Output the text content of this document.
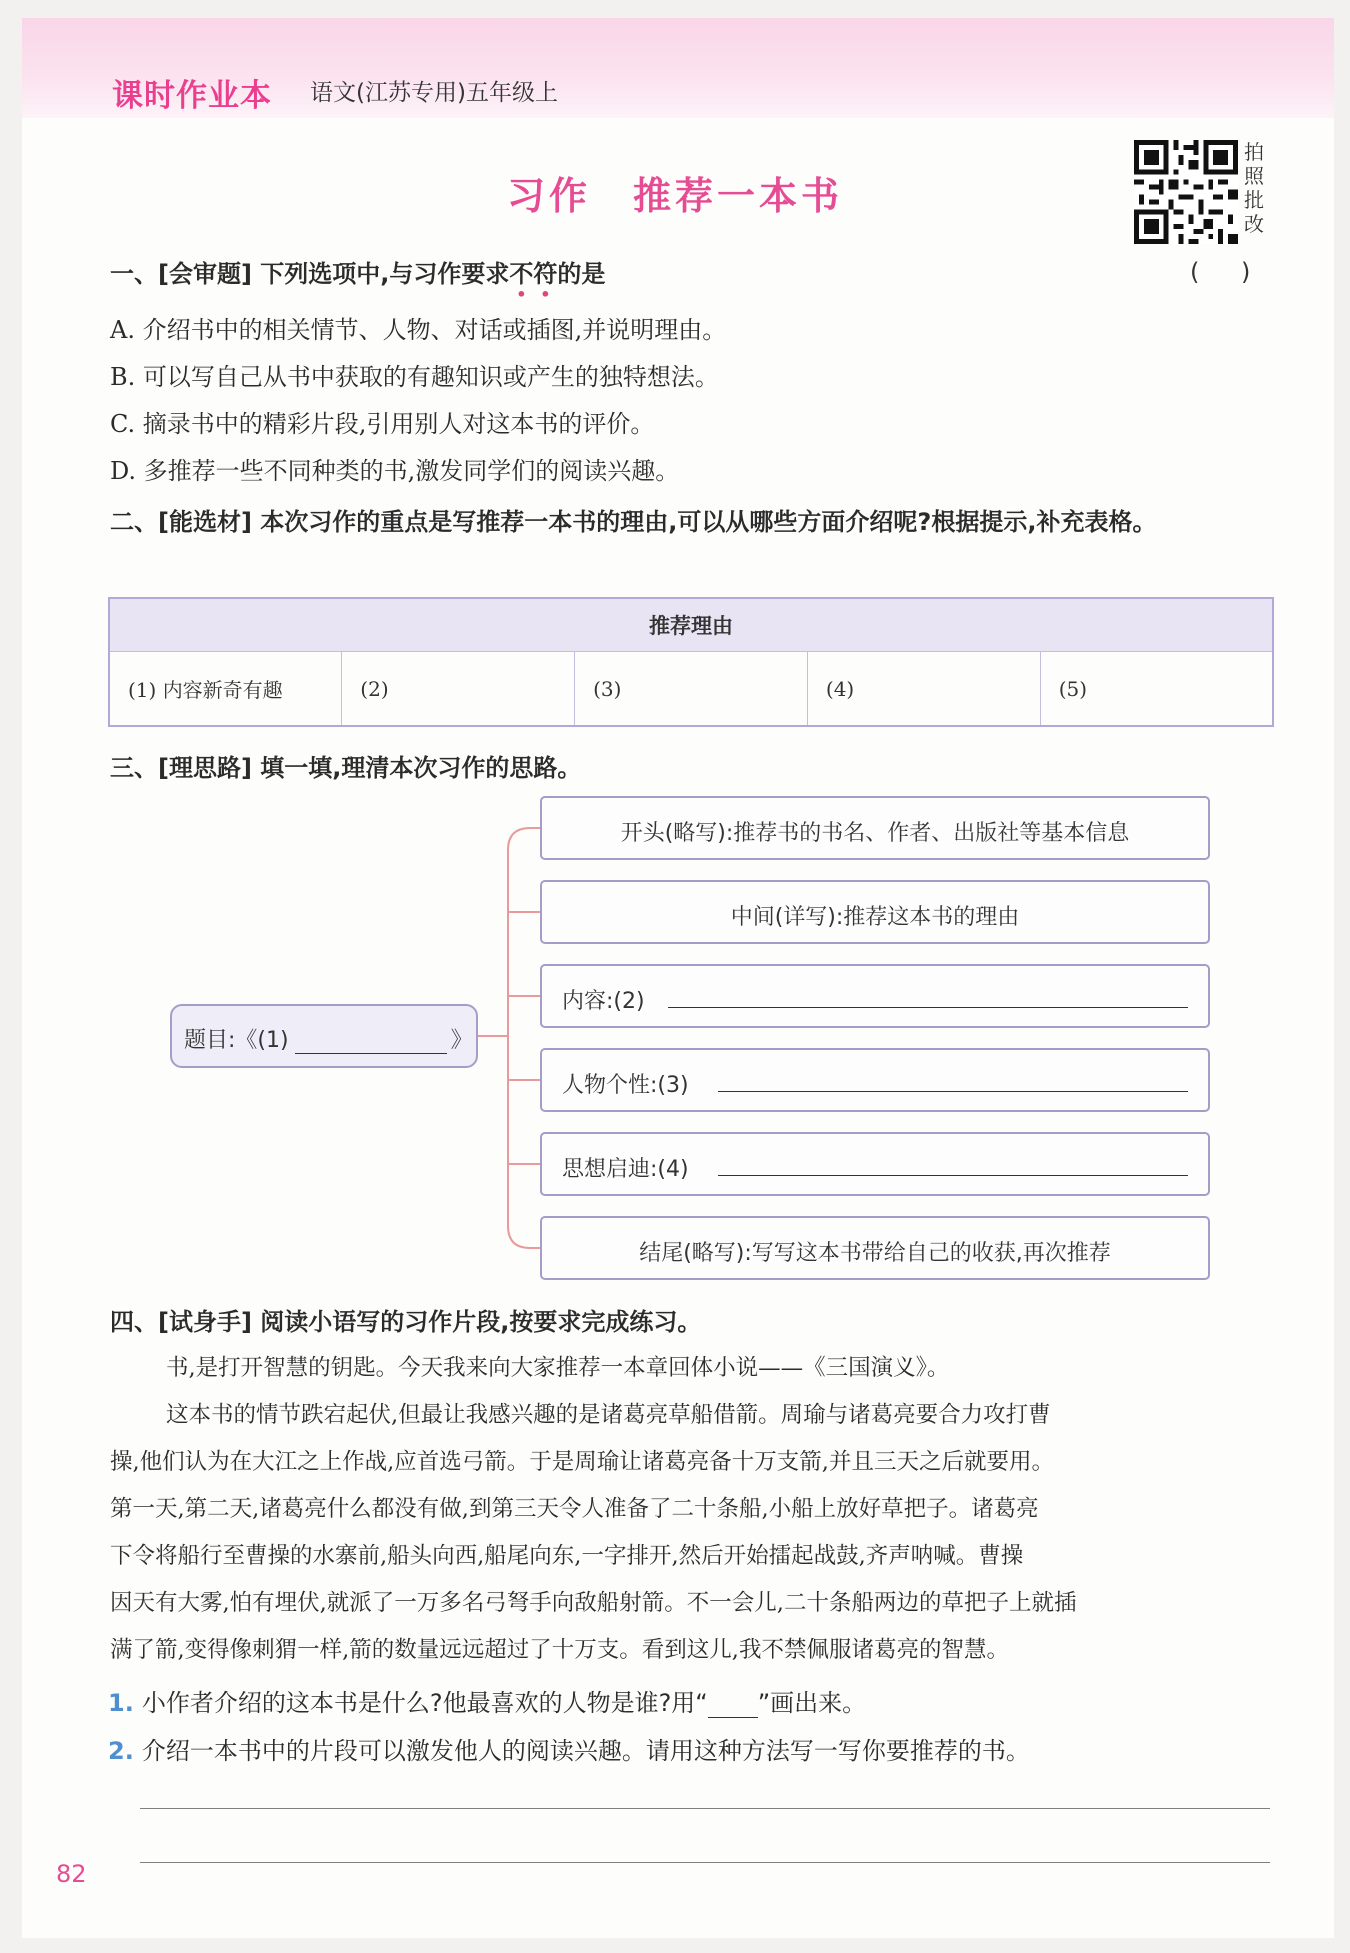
课时作业本 语文(江苏专用)五年级上
习作　推荐一本书
拍照批改
一、[会审题] 下列选项中,与习作要求不符的是	( )
A. 介绍书中的相关情节、人物、对话或插图,并说明理由。
B. 可以写自己从书中获取的有趣知识或产生的独特想法。
C. 摘录书中的精彩片段,引用别人对这本书的评价。
D. 多推荐一些不同种类的书,激发同学们的阅读兴趣。
二、[能选材] 本次习作的重点是写推荐一本书的理由,可以从哪些方面介绍呢?根据提示,补充表格。
推荐理由
(1) 内容新奇有趣	(2)	(3)	(4)	(5)
三、[理思路] 填一填,理清本次习作的思路。
题目:《(1)	》
开头(略写):推荐书的书名、作者、出版社等基本信息
中间(详写):推荐这本书的理由
内容:(2)
人物个性:(3)
思想启迪:(4)
结尾(略写):写写这本书带给自己的收获,再次推荐
四、[试身手] 阅读小语写的习作片段,按要求完成练习。
书,是打开智慧的钥匙。今天我来向大家推荐一本章回体小说——《三国演义》。
这本书的情节跌宕起伏,但最让我感兴趣的是诸葛亮草船借箭。周瑜与诸葛亮要合力攻打曹
操,他们认为在大江之上作战,应首选弓箭。于是周瑜让诸葛亮备十万支箭,并且三天之后就要用。
第一天,第二天,诸葛亮什么都没有做,到第三天令人准备了二十条船,小船上放好草把子。诸葛亮
下令将船行至曹操的水寨前,船头向西,船尾向东,一字排开,然后开始擂起战鼓,齐声呐喊。曹操
因天有大雾,怕有埋伏,就派了一万多名弓弩手向敌船射箭。不一会儿,二十条船两边的草把子上就插
满了箭,变得像刺猬一样,箭的数量远远超过了十万支。看到这儿,我不禁佩服诸葛亮的智慧。
1. 小作者介绍的这本书是什么?他最喜欢的人物是谁?用“ ”画出来。
2. 介绍一本书中的片段可以激发他人的阅读兴趣。请用这种方法写一写你要推荐的书。
82
